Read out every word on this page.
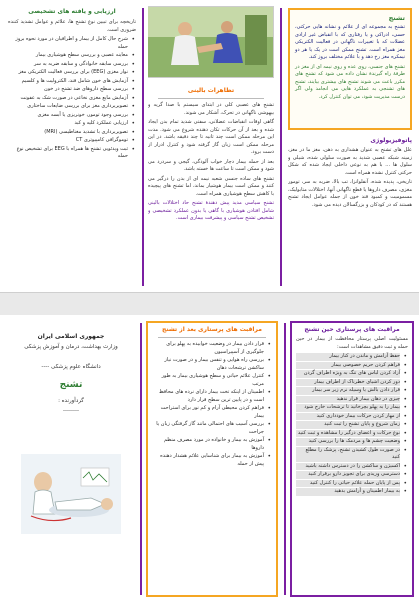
تشنج
تشنج به مجموعه ای از علائم و نشانه هایی حرکتی، حسی، ادراکی و یا رفتاری که با انقباض غیر ارادی عضلات که با تغییرات ناگهانی در فعالیت الکتریکی مغز همراه است. تشنج ممکن است در یک یا هر دو نیمکره مغز رخ دهد و با علائم مختلف بروز کند.
تشنج های جنسی، روی عده و روی نیمه ای از مغز در طرفهٔ راه گیرندهٔ نشان داده می شود که تشنج های مکرر باعث می شوند تشنج های بیشتری بیایند، تشنج های تشنجی به عملکرد هایی می انجامد ولی اگر درست مدیریت شود، می توان کنترل کرد.
پاتوفیزیولوژی
علل های تشنج به عنوان هشداری به ذهن، مغز ما در مغز، زمینه شبکه عصبی شدید به صورت سلولی شده، شیلی و سلول ها ... با هم به نوعی داخلی ایجاد شده که شکل حرکتی کنترل نشده همراه است.
تاریخی، پدیده شده، آنفلوانزا، تب بالا، ضربه به سر، تومور مغزی، مصرف داروها یا قطع ناگهانی آنها، اختلالات متابولیک، مسمومیت و کمبود قند خون از جمله عوامل ایجاد تشنج هستند که در کودکان و بزرگسالان دیده می شود.
تظاهرات بالینی
تشنج های عصبی کلی در ابتدای سیستم با صدا گریه و بیهوشی ناگهانی در تحرک، آشکار می شوند.
گاهی اوقات انقباضات عضلانی، سفتی شدید تمام بدن ایجاد شده و بعد از آن حرکات تکان دهنده شروع می شود. مدت این مرحله ممکن است چند ثانیه تا چند دقیقه باشد. در این مرحله ممکن است زبان گاز گرفته شود و کنترل ادرار از دست برود.
بعد از حمله بیمار دچار خواب آلودگی، گیجی و سردرد می شود و ممکن است تا ساعت ها خسته باشد.
تشنج های ساده جنسی شعبه نیمه ای از بدن را درگیر می کنند و ممکن است بیمار هوشیار بماند، اما تشنج های پیچیده با کاهش سطح هوشیاری همراه است.
تشنج سیاسی مدید پیش دهندهٔ تشنج حاد اختلالات بالینی شامل افتادن هوشیاری با گاهی یا بدون عملکرد تشخیصی و تشخیص تشنج سیاسی و پیشرفت بیماری است.
ارزیابی و یافته های تشخیصی
تاریخچه برای تبیین نوع تشنج ها، علائم و عوامل تشدید کننده ضروری است.
• شرح حال کامل از بیمار و اطرافیان در مورد نحوه بروز حمله
• معاینه عصبی و بررسی سطح هوشیاری بیمار
• بررسی سابقه خانوادگی و سابقه ضربه به سر
• نوار مغزی (EEG) برای بررسی فعالیت الکتریکی مغز
• آزمایش های خون شامل قند، الکترولیت ها و کلسیم
• بررسی سطح داروهای ضد تشنج در خون
• آزمایش مایع مغزی نخاعی در صورت شک به عفونت
• تصویربرداری مغز برای بررسی ضایعات ساختاری
• بررسی وجود تومور، خونریزی یا آبسه مغزی
• ارزیابی عملکرد کلیه و کبد
• تصویربرداری با تشدید مغناطیسی (MRI)
• توموگرافی کامپیوتری CT
• ثبت ویدئویی تشنج ها همراه با EEG برای تشخیص نوع حمله
مراقبت های پرستاری حین تشنج
مسئولیت اصلی پرستار محافظت از بیمار در حین حمله و ثبت دقیق مشاهدات است:
• حفظ آرامش و ماندن در کنار بیمار
• فراهم کردن حریم خصوصی بیمار
• آزاد کردن لباس های تنگ به ویژه اطراف گردن
• دور کردن اشیای خطرناک از اطراف بیمار
• قرار دادن بالش یا وسیله نرم زیر سر بیمار
• چیزی در دهان بیمار قرار ندهید
• بیمار را به پهلو بچرخانید تا ترشحات خارج شود
• از مهار کردن حرکات بیمار خودداری کنید
• زمان شروع و پایان تشنج را ثبت کنید
• نوع حرکات و اعضای درگیر را مشاهده و ثبت کنید
• وضعیت چشم ها و مردمک ها را بررسی کنید
• در صورت طول کشیدن تشنج، پزشک را مطلع کنید
• اکسیژن و ساکشن را در دسترس داشته باشید
• دسترسی وریدی برای تجویز دارو برقرار کنید
• پس از پایان حمله علائم حیاتی را کنترل کنید
• به بیمار اطمینان و آرامش بدهید
مراقبت های پرستاری بعد از تشنج
• قرار دادن بیمار در وضعیت خوابیده به پهلو برای جلوگیری از آسپیراسیون
• بررسی راه هوایی و تنفس بیمار و در صورت نیاز ساکشن ترشحات دهان
• کنترل علائم حیاتی و سطح هوشیاری بیمار به طور مرتب
• اطمینان از اینکه تخت بیمار دارای نرده های محافظ است و در پایین ترین سطح قرار دارد
• فراهم کردن محیطی آرام و کم نور برای استراحت بیمار
• بررسی آسیب های احتمالی مانند گاز گرفتگی زبان یا جراحت
• آموزش به بیمار و خانواده در مورد مصرف منظم داروها
• آموزش به بیمار برای شناسایی علائم هشدار دهنده پیش از حمله
جمهوری اسلامی ایران
وزارت بهداشت، درمان و آموزش پزشکی
دانشگاه علوم پزشکی ----
تشنج
گردآورنده :
--------
